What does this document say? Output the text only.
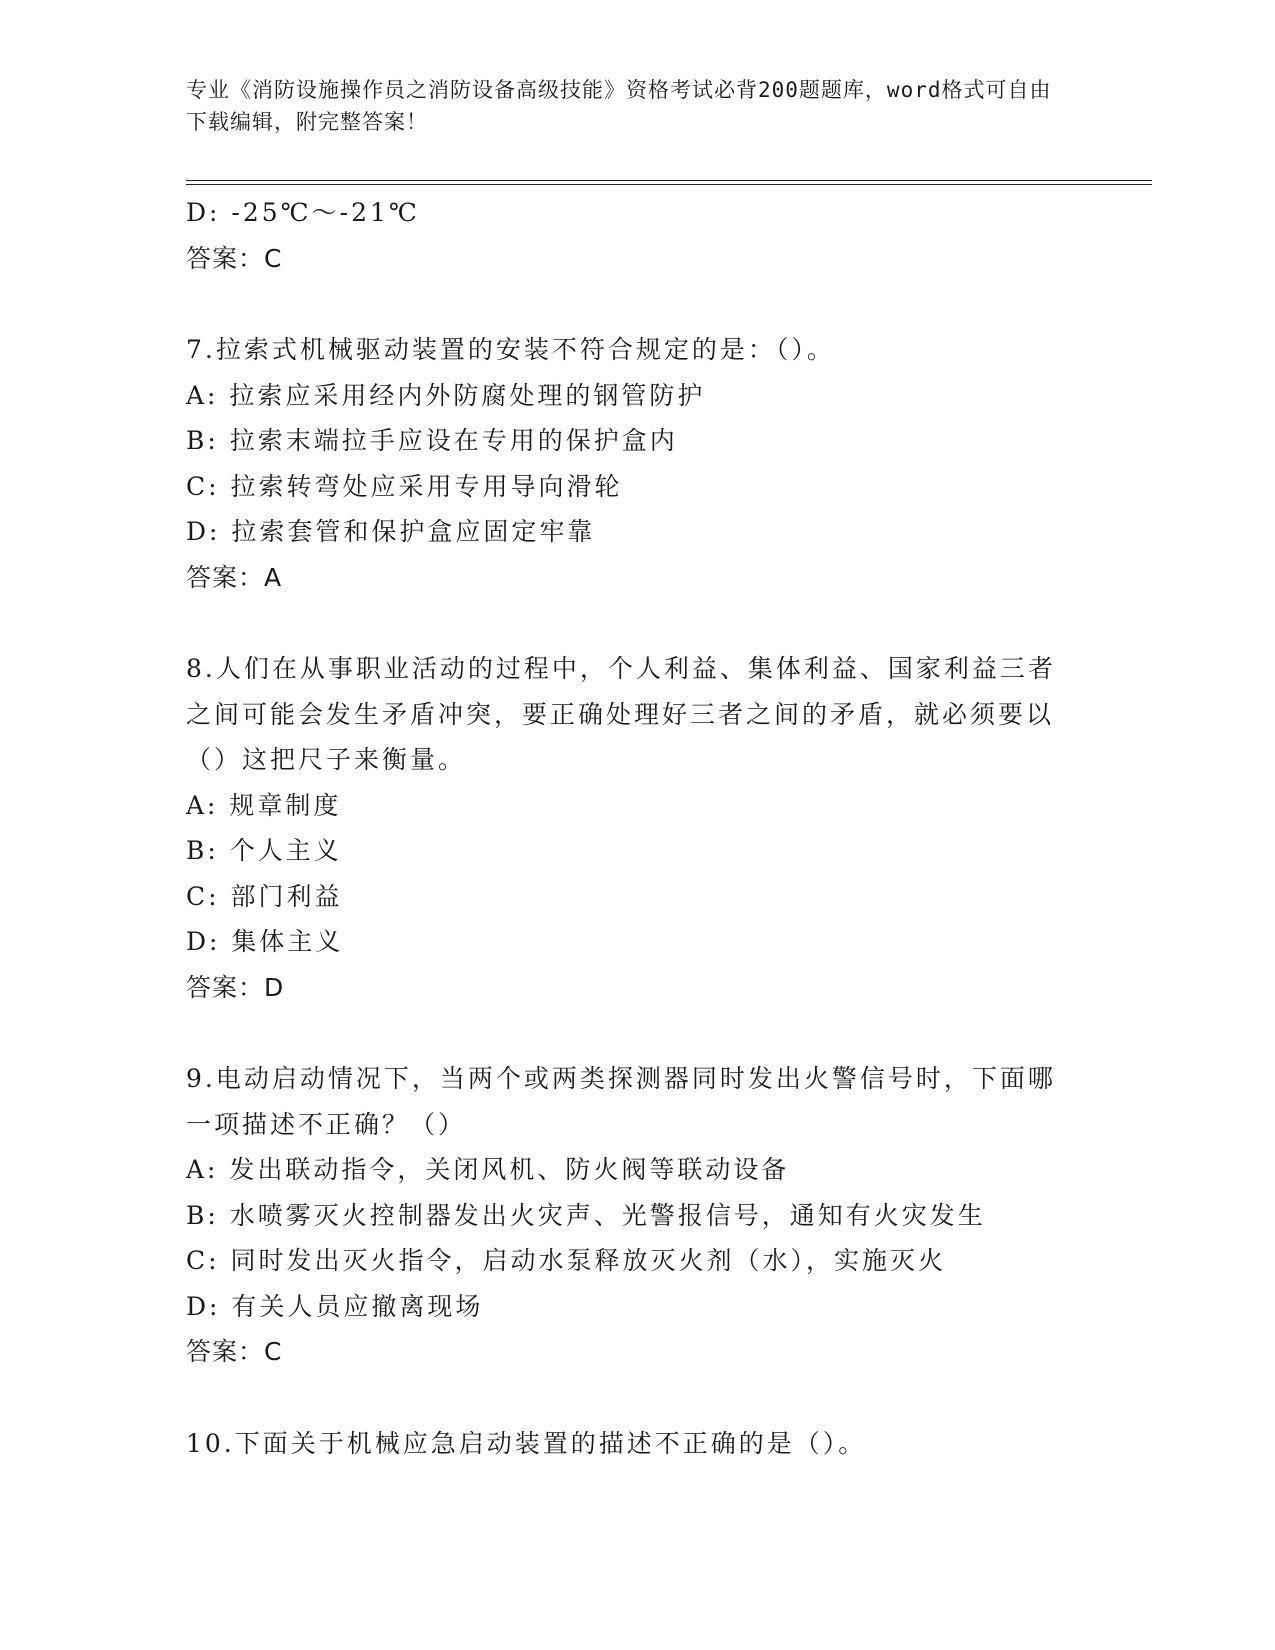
专业《消防设施操作员之消防设备高级技能》资格考试必背200题题库，word格式可自由下载编辑，附完整答案！
D: -25℃～-21℃
答案：C
7.拉索式机械驱动装置的安装不符合规定的是：（）。
A: 拉索应采用经内外防腐处理的钢管防护
B: 拉索末端拉手应设在专用的保护盒内
C: 拉索转弯处应采用专用导向滑轮
D: 拉索套管和保护盒应固定牢靠
答案：A
8.人们在从事职业活动的过程中，个人利益、集体利益、国家利益三者之间可能会发生矛盾冲突，要正确处理好三者之间的矛盾，就必须要以（）这把尺子来衡量。
A: 规章制度
B: 个人主义
C: 部门利益
D: 集体主义
答案：D
9.电动启动情况下，当两个或两类探测器同时发出火警信号时，下面哪一项描述不正确？（）
A: 发出联动指令，关闭风机、防火阀等联动设备
B: 水喷雾灭火控制器发出火灾声、光警报信号，通知有火灾发生
C: 同时发出灭火指令，启动水泵释放灭火剂（水），实施灭火
D: 有关人员应撤离现场
答案：C
10.下面关于机械应急启动装置的描述不正确的是（）。
